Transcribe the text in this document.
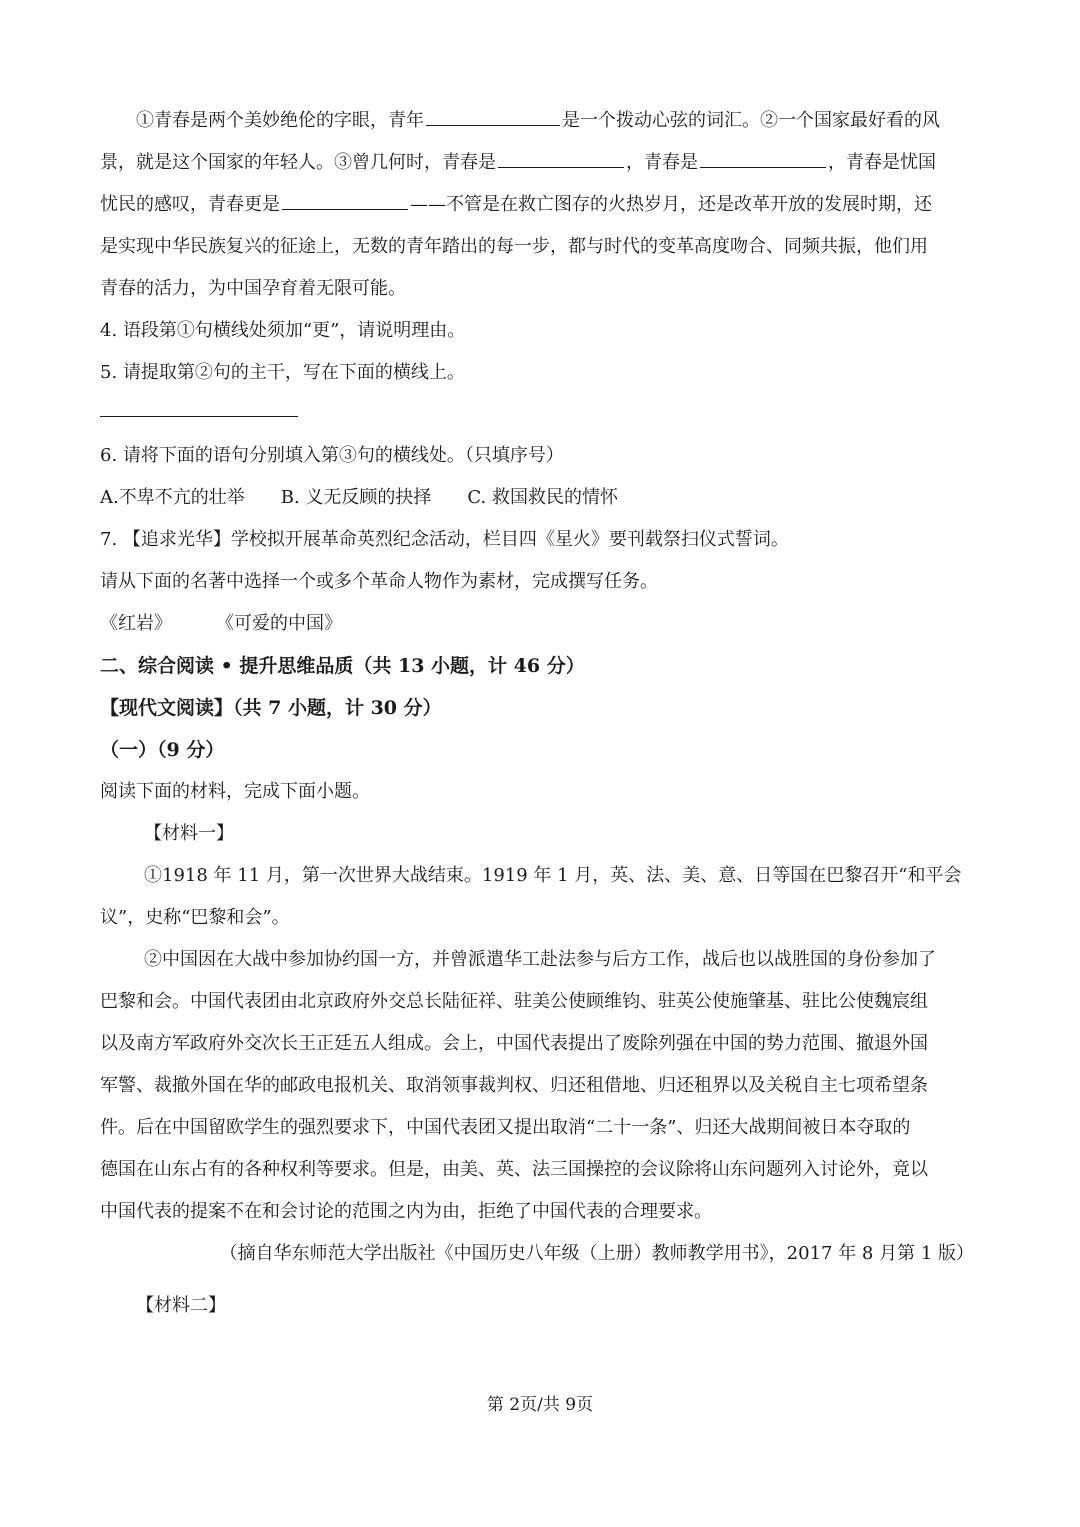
①青春是两个美妙绝伦的字眼，青年	是一个拨动心弦的词汇。②一个国家最好看的风

景，就是这个国家的年轻人。③曾几何时，青春是	，青春是	，青春是忧国

忧民的感叹，青春更是	——不管是在救亡图存的火热岁月，还是改革开放的发展时期，还

是实现中华民族复兴的征途上，无数的青年踏出的每一步，都与时代的变革高度吻合、同频共振，他们用

青春的活力，为中国孕育着无限可能。

4. 语段第①句横线处须加“更”，请说明理由。

5. 请提取第②句的主干，写在下面的横线上。

6. 请将下面的语句分别填入第③句的横线处。（只填序号）

A.不卑不亢的壮举 B. 义无反顾的抉择 C. 救国救民的情怀

7. 【追求光华】学校拟开展革命英烈纪念活动，栏目四《星火》要刊载祭扫仪式誓词。

请从下面的名著中选择一个或多个革命人物作为素材，完成撰写任务。

《红岩》 《可爱的中国》

二、综合阅读 • 提升思维品质（共 13 小题，计 46 分）

【现代文阅读】（共 7 小题，计 30 分）

（一）（9 分）

阅读下面的材料，完成下面小题。

【材料一】

①1918 年 11 月，第一次世界大战结束。1919 年 1 月，英、法、美、意、日等国在巴黎召开“和平会

议”，史称“巴黎和会”。

②中国因在大战中参加协约国一方，并曾派遣华工赴法参与后方工作，战后也以战胜国的身份参加了

巴黎和会。中国代表团由北京政府外交总长陆征祥、驻美公使顾维钧、驻英公使施肇基、驻比公使魏宸组

以及南方军政府外交次长王正廷五人组成。会上，中国代表提出了废除列强在中国的势力范围、撤退外国

军警、裁撤外国在华的邮政电报机关、取消领事裁判权、归还租借地、归还租界以及关税自主七项希望条

件。后在中国留欧学生的强烈要求下，中国代表团又提出取消“二十一条”、归还大战期间被日本夺取的

德国在山东占有的各种权利等要求。但是，由美、英、法三国操控的会议除将山东问题列入讨论外，竟以

中国代表的提案不在和会讨论的范围之内为由，拒绝了中国代表的合理要求。

（摘自华东师范大学出版社《中国历史八年级（上册）教师教学用书》，2017 年 8 月第 1 版）

【材料二】

第 2页/共 9页
